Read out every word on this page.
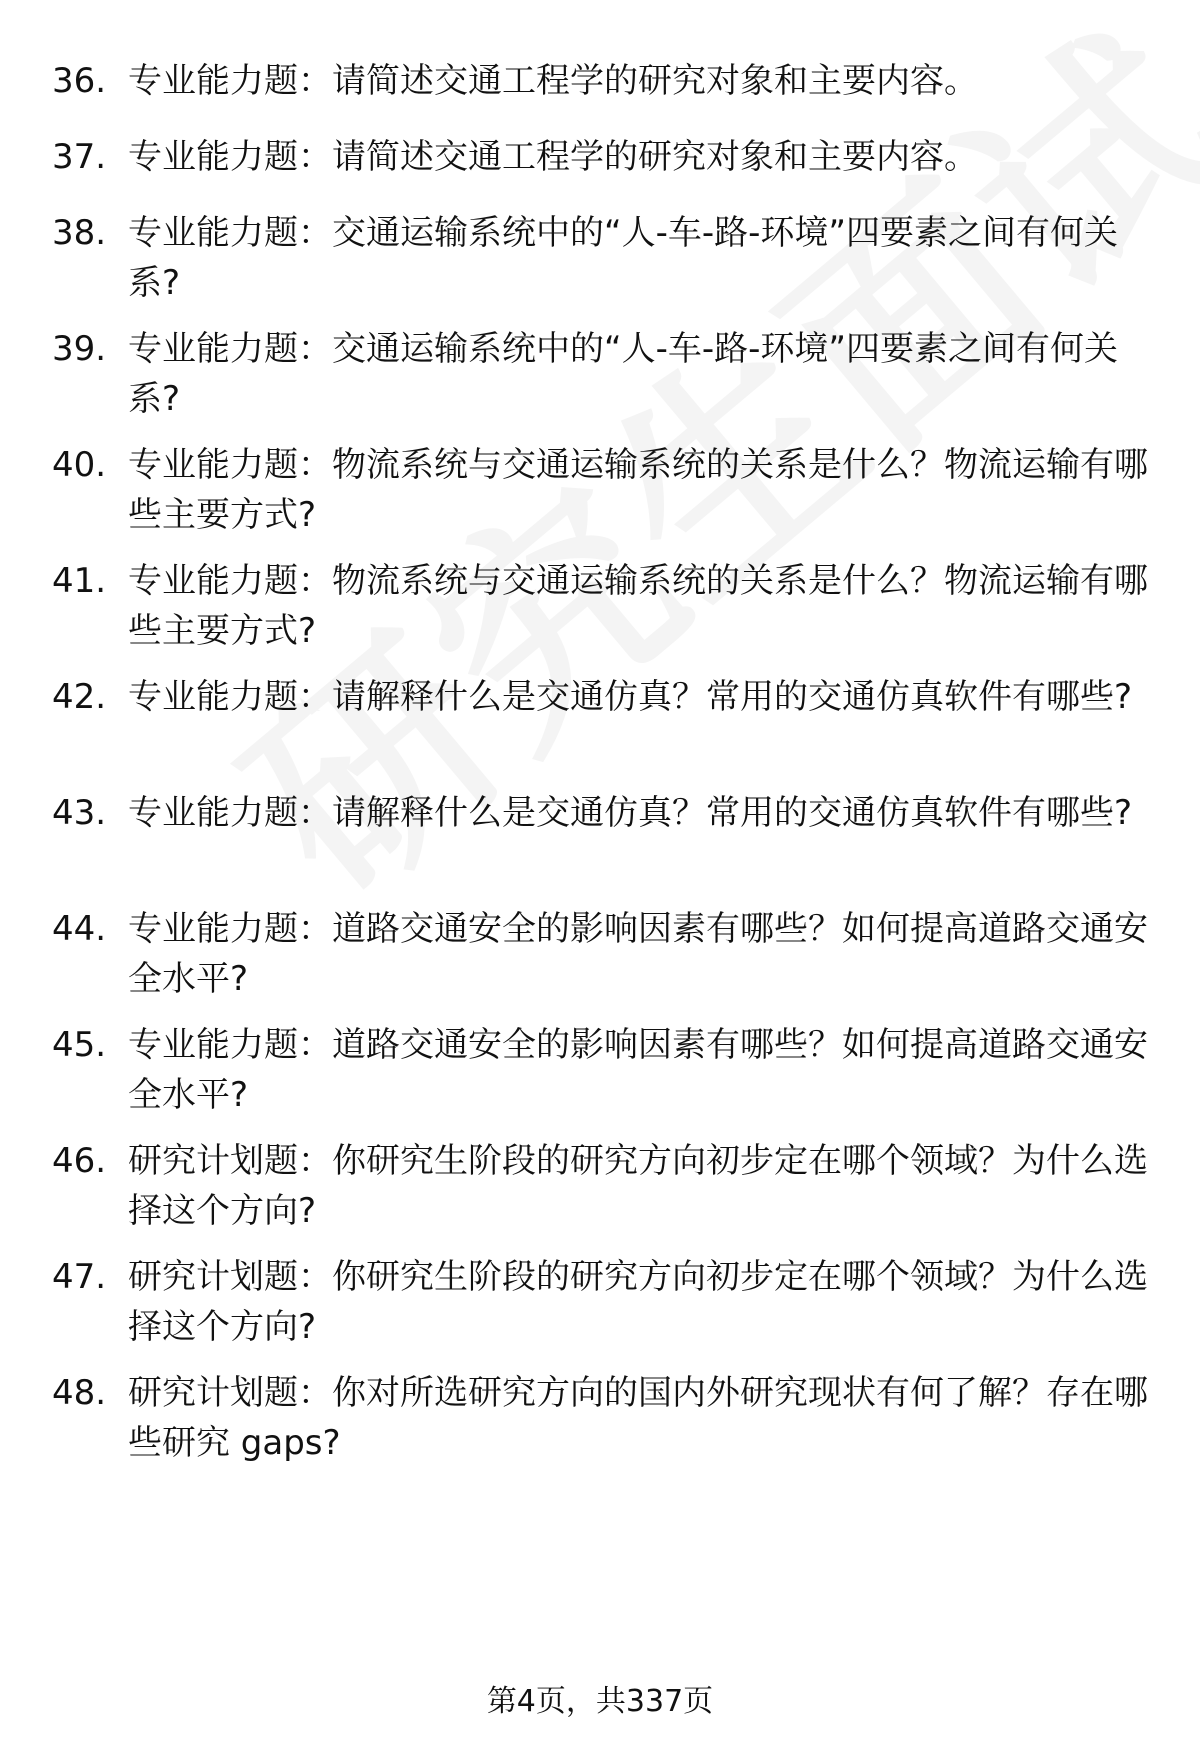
36. 专业能力题：请简述交通工程学的研究对象和主要内容。
37. 专业能力题：请简述交通工程学的研究对象和主要内容。
38. 专业能力题：交通运输系统中的“人-车-路-环境”四要素之间有何关系?
39. 专业能力题：交通运输系统中的“人-车-路-环境”四要素之间有何关系?
40. 专业能力题：物流系统与交通运输系统的关系是什么？物流运输有哪些主要方式?
41. 专业能力题：物流系统与交通运输系统的关系是什么？物流运输有哪些主要方式?
42. 专业能力题：请解释什么是交通仿真？常用的交通仿真软件有哪些?
43. 专业能力题：请解释什么是交通仿真？常用的交通仿真软件有哪些?
44. 专业能力题：道路交通安全的影响因素有哪些？如何提高道路交通安全水平?
45. 专业能力题：道路交通安全的影响因素有哪些？如何提高道路交通安全水平?
46. 研究计划题：你研究生阶段的研究方向初步定在哪个领域？为什么选择这个方向?
47. 研究计划题：你研究生阶段的研究方向初步定在哪个领域？为什么选择这个方向?
48. 研究计划题：你对所选研究方向的国内外研究现状有何了解？存在哪些研究 gaps?
第4页，共337页
